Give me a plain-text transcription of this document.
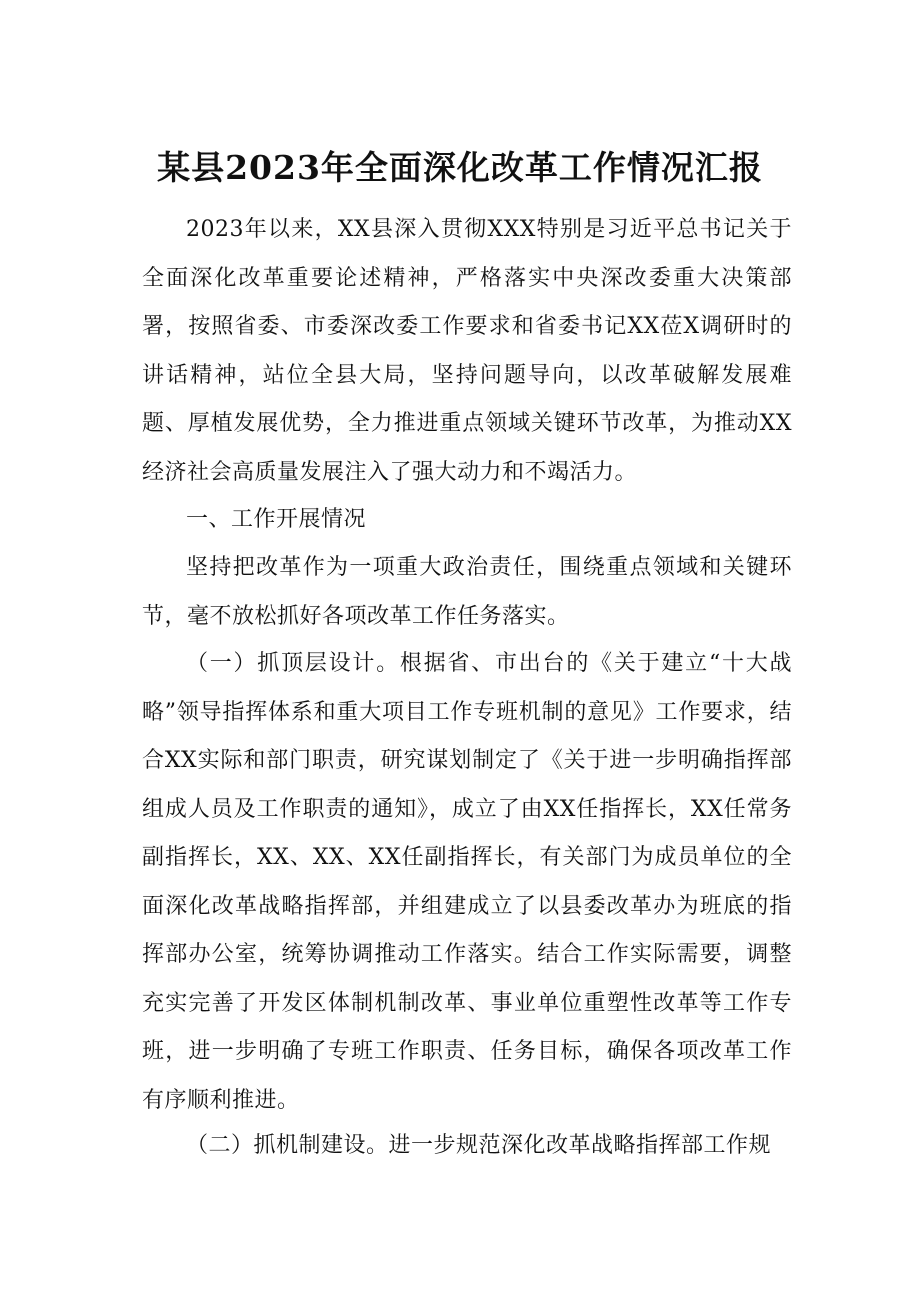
某县2023年全面深化改革工作情况汇报
2023年以来，XX县深入贯彻XXX特别是习近平总书记关于全面深化改革重要论述精神，严格落实中央深改委重大决策部署，按照省委、市委深改委工作要求和省委书记XX莅X调研时的讲话精神，站位全县大局，坚持问题导向，以改革破解发展难题、厚植发展优势，全力推进重点领域关键环节改革，为推动XX经济社会高质量发展注入了强大动力和不竭活力。
一、工作开展情况
坚持把改革作为一项重大政治责任，围绕重点领域和关键环节，毫不放松抓好各项改革工作任务落实。
（一）抓顶层设计。根据省、市出台的《关于建立“十大战略”领导指挥体系和重大项目工作专班机制的意见》工作要求，结合XX实际和部门职责，研究谋划制定了《关于进一步明确指挥部组成人员及工作职责的通知》，成立了由XX任指挥长，XX任常务副指挥长，XX、XX、XX任副指挥长，有关部门为成员单位的全面深化改革战略指挥部，并组建成立了以县委改革办为班底的指挥部办公室，统筹协调推动工作落实。结合工作实际需要，调整充实完善了开发区体制机制改革、事业单位重塑性改革等工作专班，进一步明确了专班工作职责、任务目标，确保各项改革工作有序顺利推进。
（二）抓机制建设。进一步规范深化改革战略指挥部工作规
